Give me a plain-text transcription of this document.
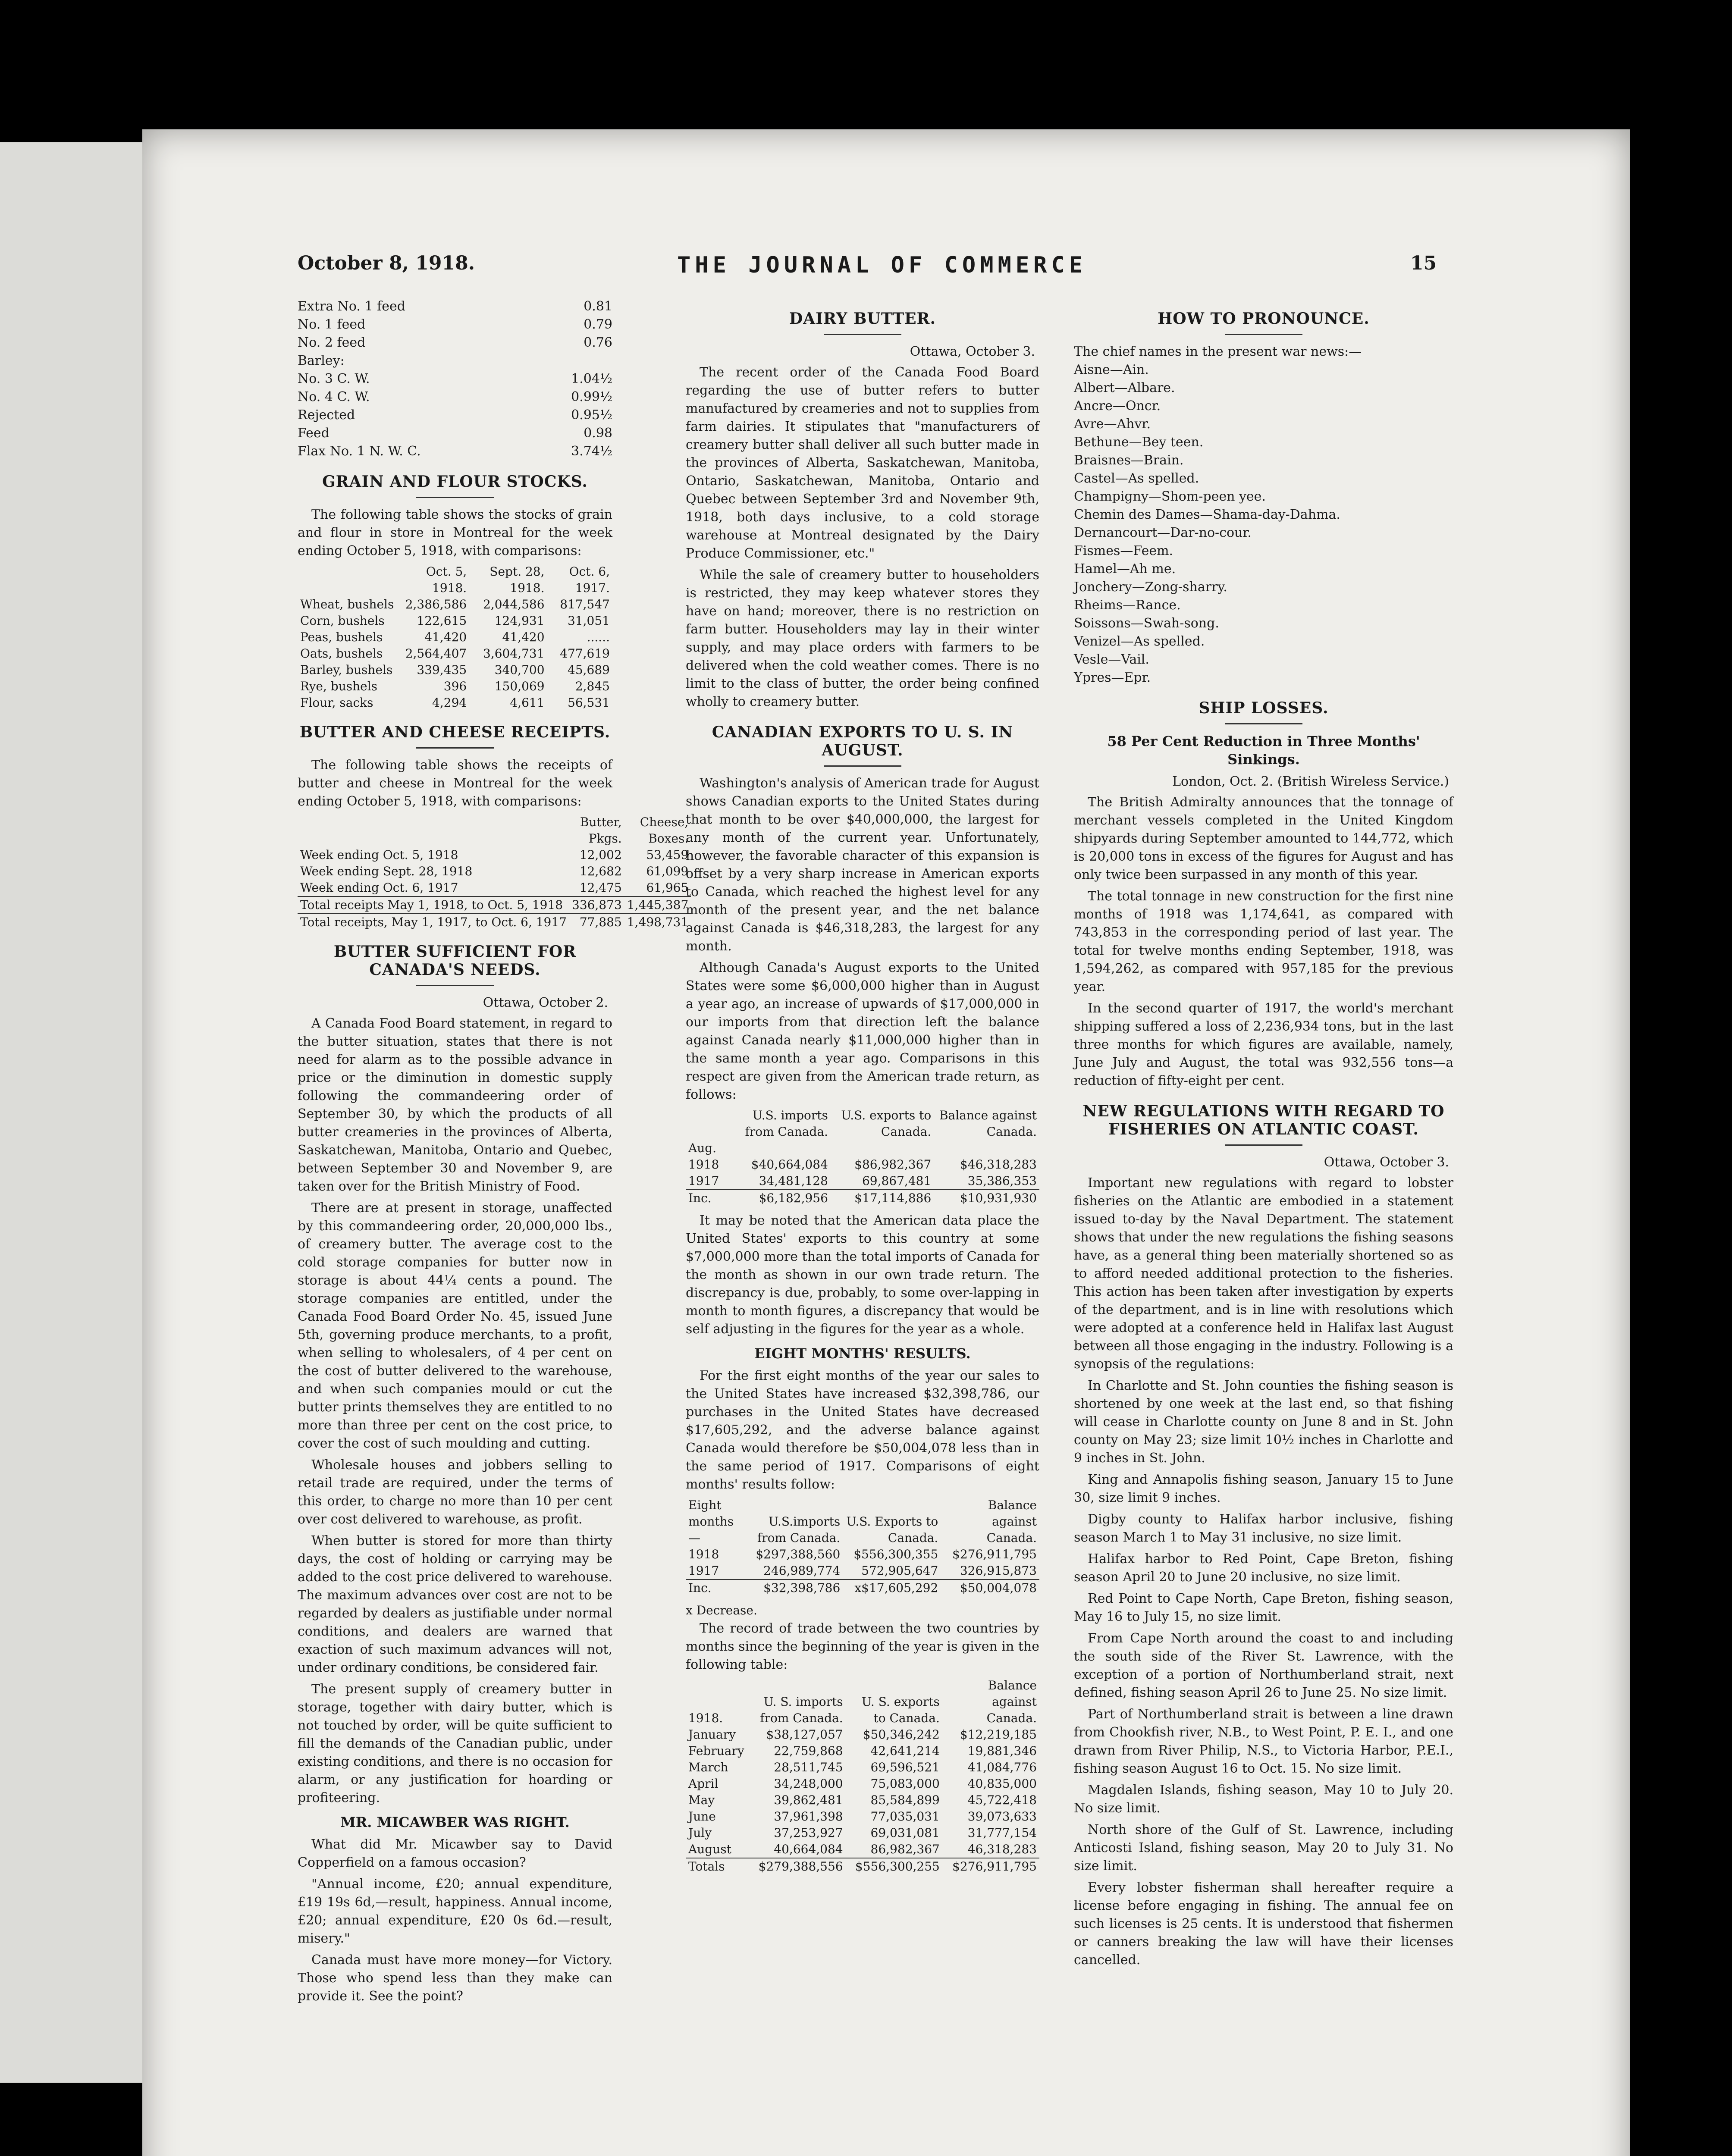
October 8, 1918.	THE JOURNAL OF COMMERCE	15
Extra No. 1 feed	0.81
No. 1 feed	0.79
No. 2 feed	0.76
Barley:
No. 3 C. W.	1.04½
No. 4 C. W.	0.99½
Rejected	0.95½
Feed	0.98
Flax No. 1 N. W. C.	3.74½
GRAIN AND FLOUR STOCKS.

The following table shows the stocks of grain and flour in store in Montreal for the week ending October 5, 1918, with comparisons:

	Oct. 5, 1918.	Sept. 28, 1918.	Oct. 6, 1917.
Wheat, bushels	2,386,586	2,044,586	817,547
Corn, bushels	122,615	124,931	31,051
Peas, bushels	41,420	41,420	......
Oats, bushels	2,564,407	3,604,731	477,619
Barley, bushels	339,435	340,700	45,689
Rye, bushels	396	150,069	2,845
Flour, sacks	4,294	4,611	56,531
BUTTER AND CHEESE RECEIPTS.

The following table shows the receipts of butter and cheese in Montreal for the week ending October 5, 1918, with comparisons:

	Butter, Pkgs.	Cheese, Boxes.
Week ending Oct. 5, 1918	12,002	53,459
Week ending Sept. 28, 1918	12,682	61,099
Week ending Oct. 6, 1917	12,475	61,965
Total receipts May 1, 1918, to Oct. 5, 1918	336,873	1,445,387
Total receipts, May 1, 1917, to Oct. 6, 1917	77,885	1,498,731
BUTTER SUFFICIENT FOR CANADA'S NEEDS.
Ottawa, October 2.

A Canada Food Board statement, in regard to the butter situation, states that there is not need for alarm as to the possible advance in price or the diminution in domestic supply following the commandeering order of September 30, by which the products of all butter creameries in the provinces of Alberta, Saskatchewan, Manitoba, Ontario and Quebec, between September 30 and November 9, are taken over for the British Ministry of Food.

There are at present in storage, unaffected by this commandeering order, 20,000,000 lbs., of creamery butter. The average cost to the cold storage companies for butter now in storage is about 44¼ cents a pound. The storage companies are entitled, under the Canada Food Board Order No. 45, issued June 5th, governing produce merchants, to a profit, when selling to wholesalers, of 4 per cent on the cost of butter delivered to the warehouse, and when such companies mould or cut the butter prints themselves they are entitled to no more than three per cent on the cost price, to cover the cost of such moulding and cutting.

Wholesale houses and jobbers selling to retail trade are required, under the terms of this order, to charge no more than 10 per cent over cost delivered to warehouse, as profit.

When butter is stored for more than thirty days, the cost of holding or carrying may be added to the cost price delivered to warehouse. The maximum advances over cost are not to be regarded by dealers as justifiable under normal conditions, and dealers are warned that exaction of such maximum advances will not, under ordinary conditions, be considered fair.

The present supply of creamery butter in storage, together with dairy butter, which is not touched by order, will be quite sufficient to fill the demands of the Canadian public, under existing conditions, and there is no occasion for alarm, or any justification for hoarding or profiteering.

MR. MICAWBER WAS RIGHT.

What did Mr. Micawber say to David Copperfield on a famous occasion?

"Annual income, £20; annual expenditure, £19 19s 6d,—result, happiness. Annual income, £20; annual expenditure, £20 0s 6d.—result, misery."

Canada must have more money—for Victory. Those who spend less than they make can provide it. See the point?

DAIRY BUTTER.
Ottawa, October 3.

The recent order of the Canada Food Board regarding the use of butter refers to butter manufactured by creameries and not to supplies from farm dairies. It stipulates that "manufacturers of creamery butter shall deliver all such butter made in the provinces of Alberta, Saskatchewan, Manitoba, Ontario, Saskatchewan, Manitoba, Ontario and Quebec between September 3rd and November 9th, 1918, both days inclusive, to a cold storage warehouse at Montreal designated by the Dairy Produce Commissioner, etc."

While the sale of creamery butter to householders is restricted, they may keep whatever stores they have on hand; moreover, there is no restriction on farm butter. Householders may lay in their winter supply, and may place orders with farmers to be delivered when the cold weather comes. There is no limit to the class of butter, the order being confined wholly to creamery butter.

CANADIAN EXPORTS TO U. S. IN AUGUST.

Washington's analysis of American trade for August shows Canadian exports to the United States during that month to be over $40,000,000, the largest for any month of the current year. Unfortunately, however, the favorable character of this expansion is offset by a very sharp increase in American exports to Canada, which reached the highest level for any month of the present year, and the net balance against Canada is $46,318,283, the largest for any month.

Although Canada's August exports to the United States were some $6,000,000 higher than in August a year ago, an increase of upwards of $17,000,000 in our imports from that direction left the balance against Canada nearly $11,000,000 higher than in the same month a year ago. Comparisons in this respect are given from the American trade return, as follows:

	U.S. imports from Canada.	U.S. exports to Canada.	Balance against Canada.
Aug.			
1918	$40,664,084	$86,982,367	$46,318,283
1917	34,481,128	69,867,481	35,386,353
Inc.	$6,182,956	$17,114,886	$10,931,930

It may be noted that the American data place the United States' exports to this country at some $7,000,000 more than the total imports of Canada for the month as shown in our own trade return. The discrepancy is due, probably, to some over-lapping in month to month figures, a discrepancy that would be self adjusting in the figures for the year as a whole.

EIGHT MONTHS' RESULTS.

For the first eight months of the year our sales to the United States have increased $32,398,786, our purchases in the United States have decreased $17,605,292, and the adverse balance against Canada would therefore be $50,004,078 less than in the same period of 1917. Comparisons of eight months' results follow:

Eight months —	U.S.imports from Canada.	U.S. Exports to Canada.	Balance against Canada.
1918	$297,388,560	$556,300,355	$276,911,795
1917	246,989,774	572,905,647	326,915,873
Inc.	$32,398,786	x$17,605,292	$50,004,078
x Decrease.

The record of trade between the two countries by months since the beginning of the year is given in the following table:

1918.	U. S. imports from Canada.	U. S. exports to Canada.	Balance against Canada.
January	$38,127,057	$50,346,242	$12,219,185
February	22,759,868	42,641,214	19,881,346
March	28,511,745	69,596,521	41,084,776
April	34,248,000	75,083,000	40,835,000
May	39,862,481	85,584,899	45,722,418
June	37,961,398	77,035,031	39,073,633
July	37,253,927	69,031,081	31,777,154
August	40,664,084	86,982,367	46,318,283
Totals	$279,388,556	$556,300,255	$276,911,795
HOW TO PRONOUNCE.
The chief names in the present war news:—
Aisne—Ain.
Albert—Albare.
Ancre—Oncr.
Avre—Ahvr.
Bethune—Bey teen.
Braisnes—Brain.
Castel—As spelled.
Champigny—Shom-peen yee.
Chemin des Dames—Shama-day-Dahma.
Dernancourt—Dar-no-cour.
Fismes—Feem.
Hamel—Ah me.
Jonchery—Zong-sharry.
Rheims—Rance.
Soissons—Swah-song.
Venizel—As spelled.
Vesle—Vail.
Ypres—Epr.
SHIP LOSSES.
58 Per Cent Reduction in Three Months' Sinkings.
London, Oct. 2. (British Wireless Service.)

The British Admiralty announces that the tonnage of merchant vessels completed in the United Kingdom shipyards during September amounted to 144,772, which is 20,000 tons in excess of the figures for August and has only twice been surpassed in any month of this year.

The total tonnage in new construction for the first nine months of 1918 was 1,174,641, as compared with 743,853 in the corresponding period of last year. The total for twelve months ending September, 1918, was 1,594,262, as compared with 957,185 for the previous year.

In the second quarter of 1917, the world's merchant shipping suffered a loss of 2,236,934 tons, but in the last three months for which figures are available, namely, June July and August, the total was 932,556 tons—a reduction of fifty-eight per cent.

NEW REGULATIONS WITH REGARD TO FISHERIES ON ATLANTIC COAST.
Ottawa, October 3.

Important new regulations with regard to lobster fisheries on the Atlantic are embodied in a statement issued to-day by the Naval Department. The statement shows that under the new regulations the fishing seasons have, as a general thing been materially shortened so as to afford needed additional protection to the fisheries. This action has been taken after investigation by experts of the department, and is in line with resolutions which were adopted at a conference held in Halifax last August between all those engaging in the industry. Following is a synopsis of the regulations:

In Charlotte and St. John counties the fishing season is shortened by one week at the last end, so that fishing will cease in Charlotte county on June 8 and in St. John county on May 23; size limit 10½ inches in Charlotte and 9 inches in St. John.

King and Annapolis fishing season, January 15 to June 30, size limit 9 inches.

Digby county to Halifax harbor inclusive, fishing season March 1 to May 31 inclusive, no size limit.

Halifax harbor to Red Point, Cape Breton, fishing season April 20 to June 20 inclusive, no size limit.

Red Point to Cape North, Cape Breton, fishing season, May 16 to July 15, no size limit.

From Cape North around the coast to and including the south side of the River St. Lawrence, with the exception of a portion of Northumberland strait, next defined, fishing season April 26 to June 25. No size limit.

Part of Northumberland strait is between a line drawn from Chookfish river, N.B., to West Point, P. E. I., and one drawn from River Philip, N.S., to Victoria Harbor, P.E.I., fishing season August 16 to Oct. 15. No size limit.

Magdalen Islands, fishing season, May 10 to July 20. No size limit.

North shore of the Gulf of St. Lawrence, including Anticosti Island, fishing season, May 20 to July 31. No size limit.

Every lobster fisherman shall hereafter require a license before engaging in fishing. The annual fee on such licenses is 25 cents. It is understood that fishermen or canners breaking the law will have their licenses cancelled.
